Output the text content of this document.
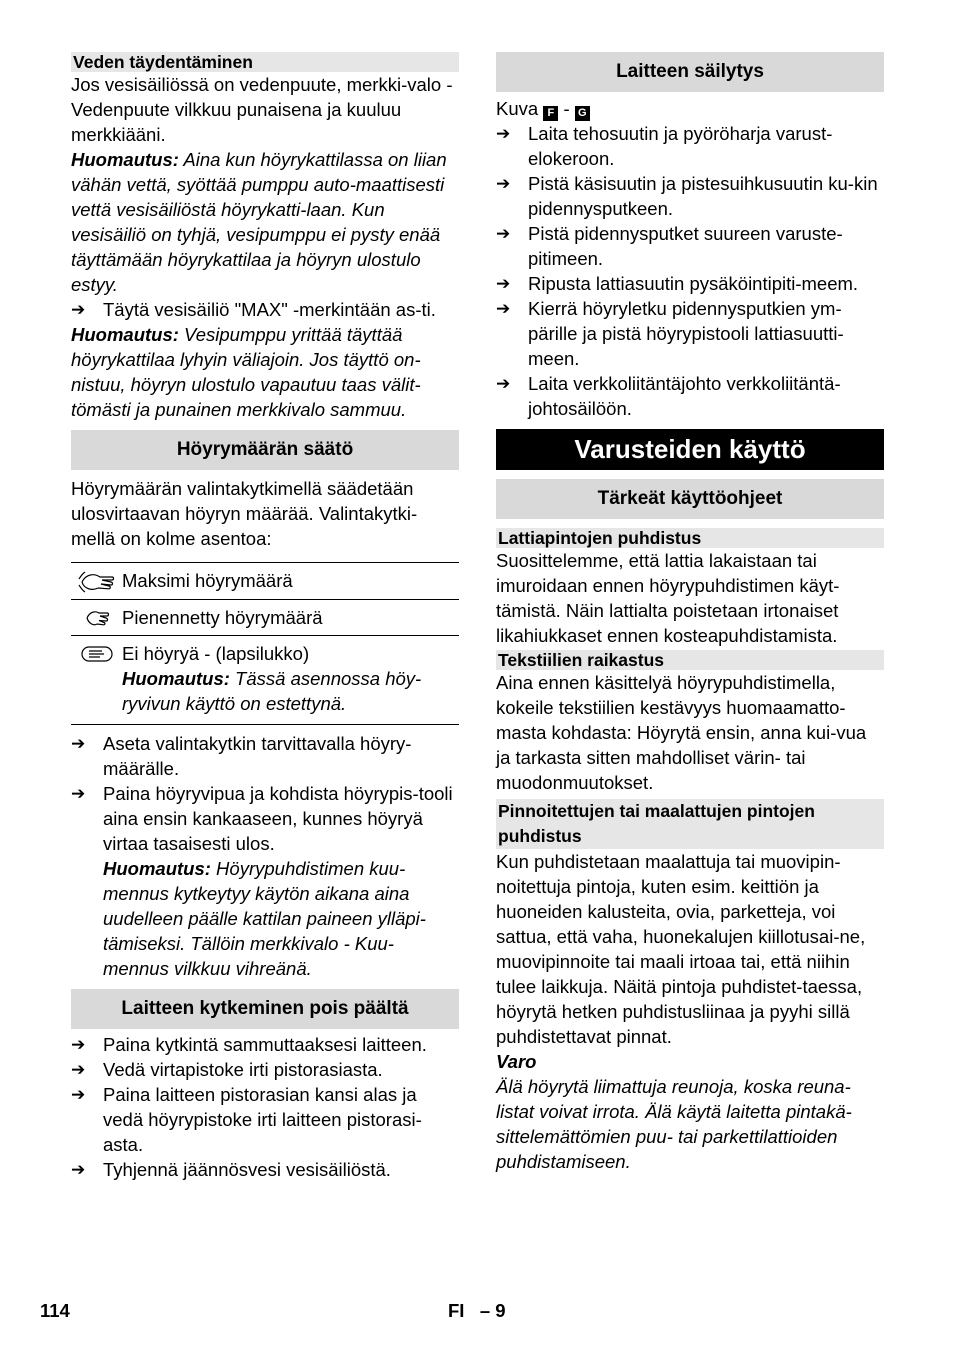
Veden täydentäminen

Jos vesisäiliössä on vedenpuute, merkki-valo - Vedenpuute vilkkuu punaisena ja kuuluu merkkiääni.

Huomautus: Aina kun höyrykattilassa on liian vähän vettä, syöttää pumppu auto-maattisesti vettä vesisäiliöstä höyrykatti-laan. Kun vesisäiliö on tyhjä, vesipumppu ei pysty enää täyttämään höyrykattilaa ja höyryn ulostulo estyy.

➔ Täytä vesisäiliö "MAX" -merkintään as-ti.

Huomautus: Vesipumppu yrittää täyttää höyrykattilaa lyhyin väliajoin. Jos täyttö on-nistuu, höyryn ulostulo vapautuu taas välit-tömästi ja punainen merkkivalo sammuu.

Höyrymäärän säätö

Höyrymäärän valintakytkimellä säädetään ulosvirtaavan höyryn määrää. Valintakytki-mellä on kolme asentoa:

Maksimi höyrymäärä
Pienennetty höyrymäärä
Ei höyryä - (lapsilukko)
Huomautus: Tässä asennossa höy-ryvivun käyttö on estettynä.
➔ Aseta valintakytkin tarvittavalla höyry-määrälle.
➔ Paina höyryvipua ja kohdista höyrypis-tooli aina ensin kankaaseen, kunnes höyryä virtaa tasaisesti ulos.
Huomautus: Höyrypuhdistimen kuu-mennus kytkeytyy käytön aikana aina uudelleen päälle kattilan paineen ylläpi-tämiseksi. Tällöin merkkivalo - Kuu-mennus vilkkuu vihreänä.
Laitteen kytkeminen pois päältä
➔ Paina kytkintä sammuttaaksesi laitteen.
➔ Vedä virtapistoke irti pistorasiasta.
➔ Paina laitteen pistorasian kansi alas ja vedä höyrypistoke irti laitteen pistorasi-asta.
➔ Tyhjennä jäännösvesi vesisäiliöstä.
Laitteen säilytys

Kuva F - G

➔ Laita tehosuutin ja pyöröharja varust-elokeroon.
➔ Pistä käsisuutin ja pistesuihkusuutin ku-kin pidennysputkeen.
➔ Pistä pidennysputket suureen varuste-pitimeen.
➔ Ripusta lattiasuutin pysäköintipiti-meem.
➔ Kierrä höyryletku pidennysputkien ym-pärille ja pistä höyrypistooli lattiasuutti-meen.
➔ Laita verkkoliitäntäjohto verkkoliitäntä-johtosäilöön.
Varusteiden käyttö
Tärkeät käyttöohjeet
Lattiapintojen puhdistus

Suosittelemme, että lattia lakaistaan tai imuroidaan ennen höyrypuhdistimen käyt-tämistä. Näin lattialta poistetaan irtonaiset likahiukkaset ennen kosteapuhdistamista.

Tekstiilien raikastus

Aina ennen käsittelyä höyrypuhdistimella, kokeile tekstiilien kestävyys huomaamatto-masta kohdasta: Höyrytä ensin, anna kui-vua ja tarkasta sitten mahdolliset värin- tai muodonmuutokset.

Pinnoitettujen tai maalattujen pintojen puhdistus

Kun puhdistetaan maalattuja tai muovipin-noitettuja pintoja, kuten esim. keittiön ja huoneiden kalusteita, ovia, parketteja, voi sattua, että vaha, huonekalujen kiillotusai-ne, muovipinnoite tai maali irtoaa tai, että niihin tulee laikkuja. Näitä pintoja puhdistet-taessa, höyrytä hetken puhdistusliinaa ja pyyhi sillä puhdistettavat pinnat.

Varo

Älä höyrytä liimattuja reunoja, koska reuna-listat voivat irrota. Älä käytä laitetta pintakä-sittelemättömien puu- tai parkettilattioiden puhdistamiseen.

114	FI   – 9
